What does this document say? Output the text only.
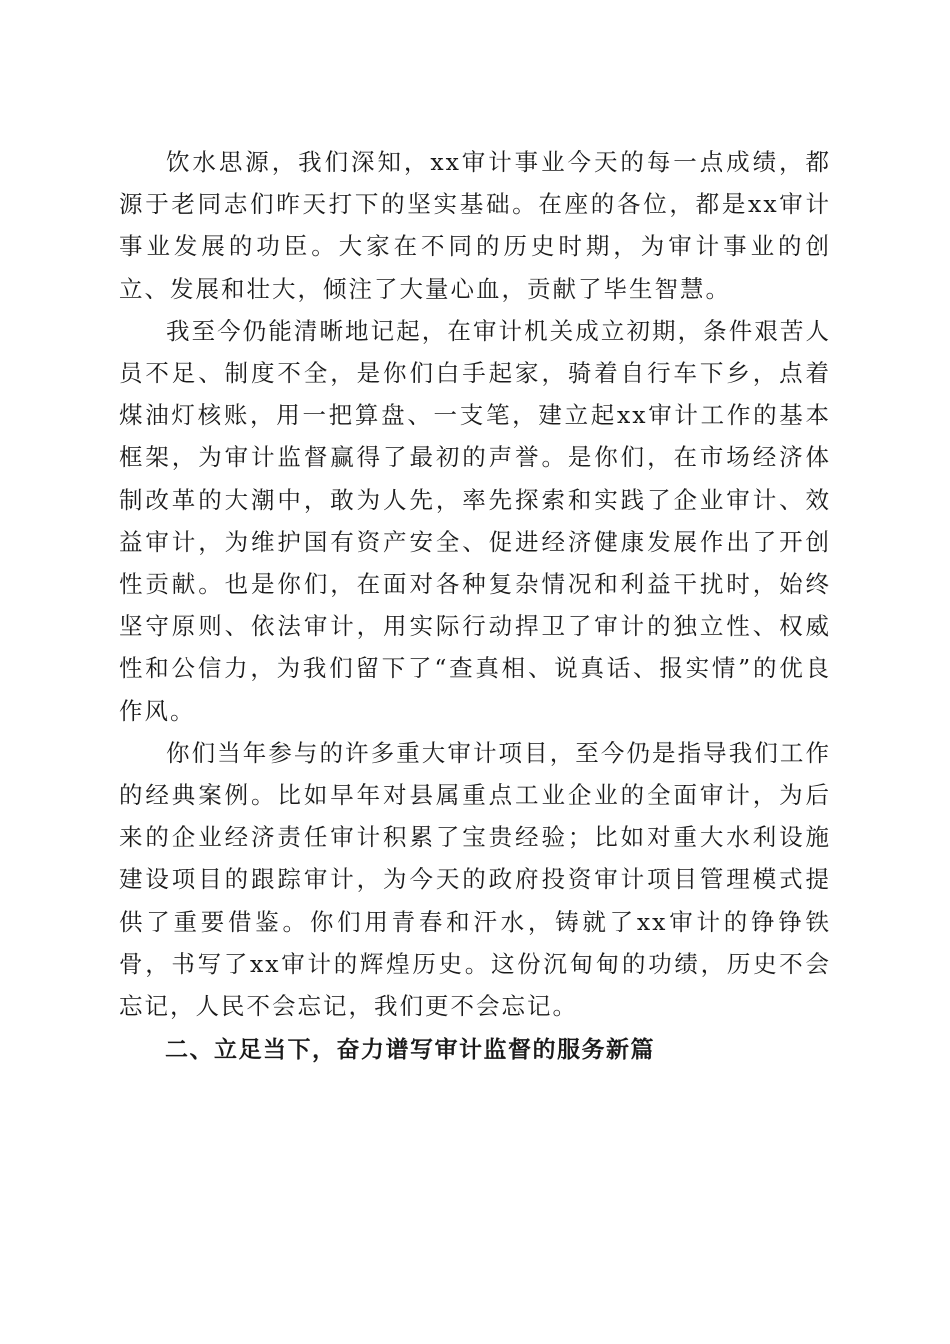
饮水思源，我们深知，xx审计事业今天的每一点成绩，都源于老同志们昨天打下的坚实基础。在座的各位，都是xx审计事业发展的功臣。大家在不同的历史时期，为审计事业的创立、发展和壮大，倾注了大量心血，贡献了毕生智慧。

我至今仍能清晰地记起，在审计机关成立初期，条件艰苦人员不足、制度不全，是你们白手起家，骑着自行车下乡，点着煤油灯核账，用一把算盘、一支笔，建立起xx审计工作的基本框架，为审计监督赢得了最初的声誉。是你们，在市场经济体制改革的大潮中，敢为人先，率先探索和实践了企业审计、效益审计，为维护国有资产安全、促进经济健康发展作出了开创性贡献。也是你们，在面对各种复杂情况和利益干扰时，始终坚守原则、依法审计，用实际行动捍卫了审计的独立性、权威性和公信力，为我们留下了“查真相、说真话、报实情”的优良作风。

你们当年参与的许多重大审计项目，至今仍是指导我们工作的经典案例。比如早年对县属重点工业企业的全面审计，为后来的企业经济责任审计积累了宝贵经验；比如对重大水利设施建设项目的跟踪审计，为今天的政府投资审计项目管理模式提供了重要借鉴。你们用青春和汗水，铸就了xx审计的铮铮铁骨，书写了xx审计的辉煌历史。这份沉甸甸的功绩，历史不会忘记，人民不会忘记，我们更不会忘记。

二、立足当下，奋力谱写审计监督的服务新篇
